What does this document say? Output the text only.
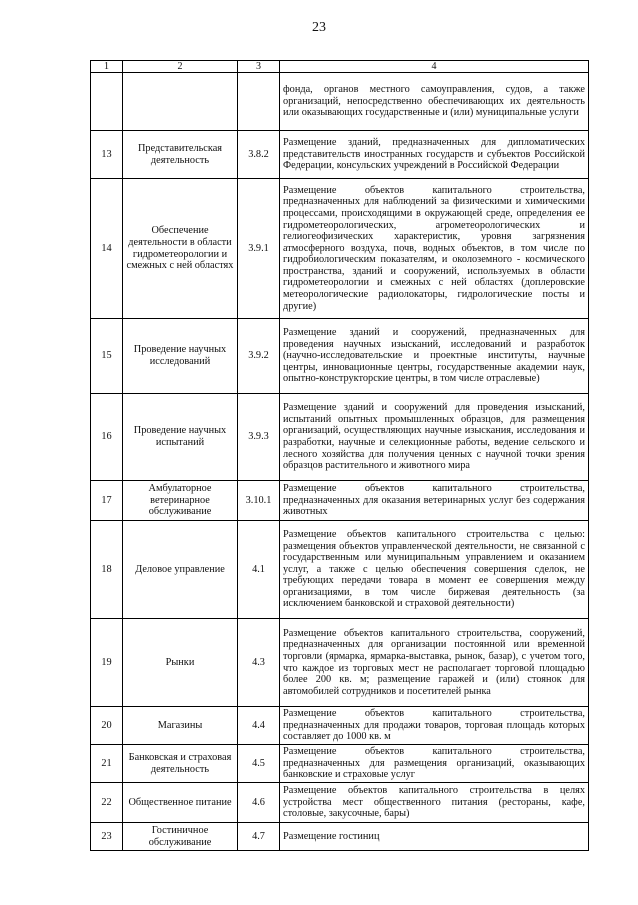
23
1	2	3	4
			фонда, органов местного самоуправления, судов, а также организаций, непосредственно обеспечивающих их деятельность или оказывающих государственные и (или) муниципальные услуги
13	Представительская деятельность	3.8.2	Размещение зданий, предназначенных для дипломатических представительств иностранных государств и субъектов Российской Федерации, консульских учреждений в Российской Федерации
14	Обеспечение деятельности в области гидрометеорологии и смежных с ней областях	3.9.1	Размещение объектов капитального строительства, предназначенных для наблюдений за физическими и химическими процессами, происходящими в окружающей среде, определения ее гидрометеорологических, агрометеорологических и гелиогеофизических характеристик, уровня загрязнения атмосферного воздуха, почв, водных объектов, в том числе по гидробиологическим показателям, и околоземного - космического пространства, зданий и сооружений, используемых в области гидрометеорологии и смежных с ней областях (доплеровские метеорологические радиолокаторы, гидрологические посты и другие)
15	Проведение научных исследований	3.9.2	Размещение зданий и сооружений, предназначенных для проведения научных изысканий, исследований и разработок (научно-исследовательские и проектные институты, научные центры, инновационные центры, государственные академии наук, опытно-конструкторские центры, в том числе отраслевые)
16	Проведение научных испытаний	3.9.3	Размещение зданий и сооружений для проведения изысканий, испытаний опытных промышленных образцов, для размещения организаций, осуществляющих научные изыскания, исследования и разработки, научные и селекционные работы, ведение сельского и лесного хозяйства для получения ценных с научной точки зрения образцов растительного и животного мира
17	Амбулаторное ветеринарное обслуживание	3.10.1	Размещение объектов капитального строительства, предназначенных для оказания ветеринарных услуг без содержания животных
18	Деловое управление	4.1	Размещение объектов капитального строительства с целью: размещения объектов управленческой деятельности, не связанной с государственным или муниципальным управлением и оказанием услуг, а также с целью обеспечения совершения сделок, не требующих передачи товара в момент ее совершения между организациями, в том числе биржевая деятельность (за исключением банковской и страховой деятельности)
19	Рынки	4.3	Размещение объектов капитального строительства, сооружений, предназначенных для организации постоянной или временной торговли (ярмарка, ярмарка-выставка, рынок, базар), с учетом того, что каждое из торговых мест не располагает торговой площадью более 200 кв. м; размещение гаражей и (или) стоянок для автомобилей сотрудников и посетителей рынка
20	Магазины	4.4	Размещение объектов капитального строительства, предназначенных для продажи товаров, торговая площадь которых составляет до 1000 кв. м
21	Банковская и страховая деятельность	4.5	Размещение объектов капитального строительства, предназначенных для размещения организаций, оказывающих банковские и страховые услуг
22	Общественное питание	4.6	Размещение объектов капитального строительства в целях устройства мест общественного питания (рестораны, кафе, столовые, закусочные, бары)
23	Гостиничное обслуживание	4.7	Размещение гостиниц
